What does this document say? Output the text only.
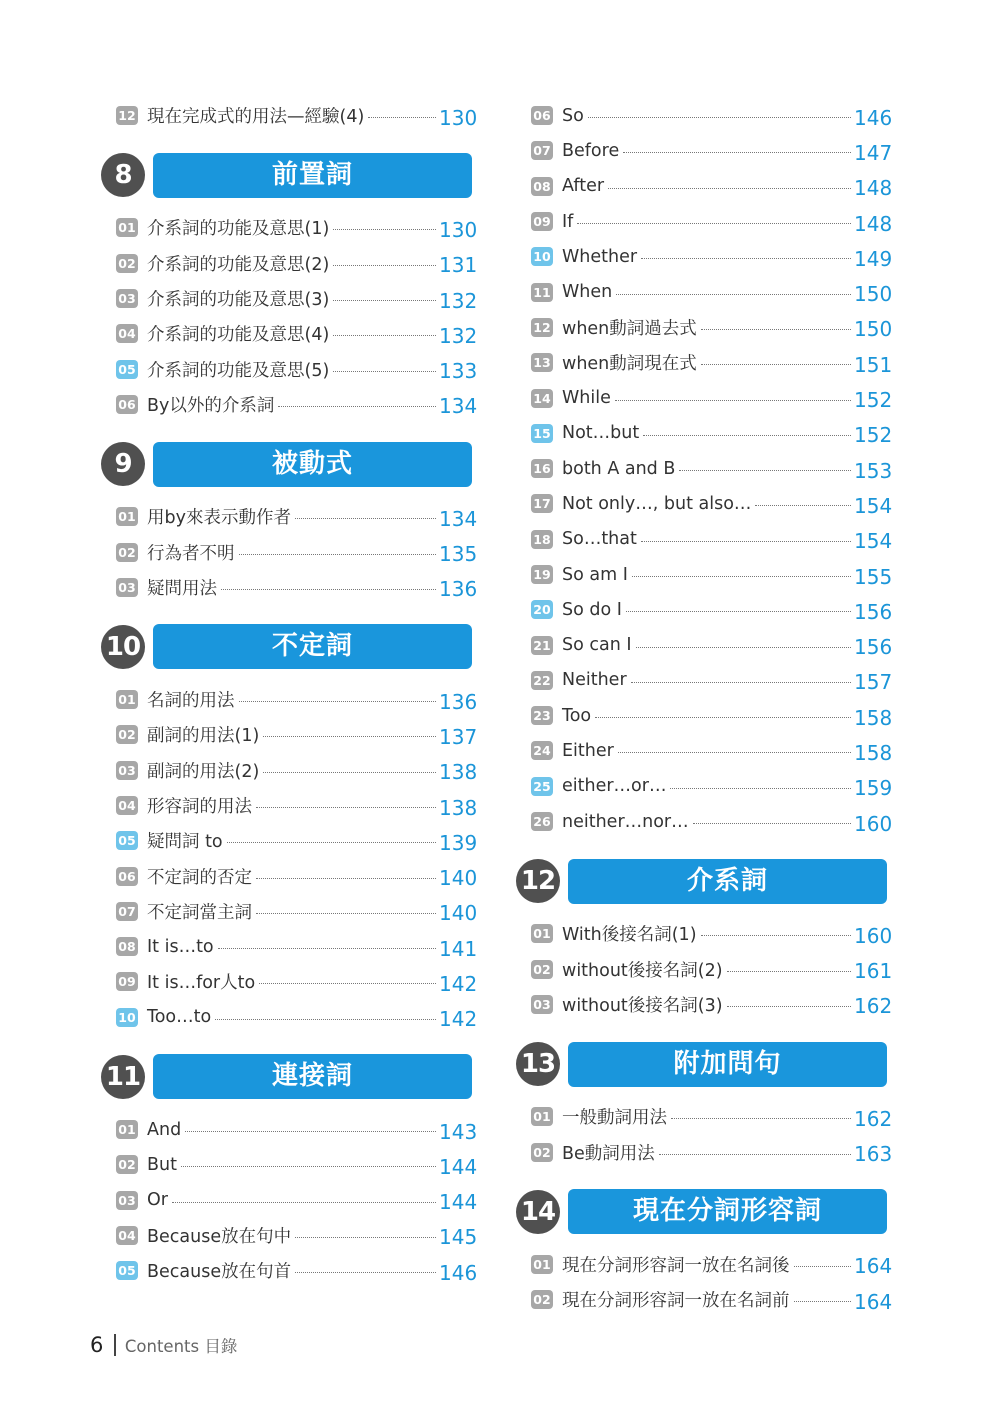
12 現在完成式的用法—經驗(4)	130
8	前置詞
01 介系詞的功能及意思(1)	130
02 介系詞的功能及意思(2)	131
03 介系詞的功能及意思(3)	132
04 介系詞的功能及意思(4)	132
05 介系詞的功能及意思(5)	133
06 By以外的介系詞	134
9	被動式
01 用by來表示動作者	134
02 行為者不明	135
03 疑問用法	136
10	不定詞
01 名詞的用法	136
02 副詞的用法(1)	137
03 副詞的用法(2)	138
04 形容詞的用法	138
05 疑問詞 to	139
06 不定詞的否定	140
07 不定詞當主詞	140
08 It is…to	141
09 It is…for人to	142
10 Too…to	142
11	連接詞
01 And	143
02 But	144
03 Or	144
04 Because放在句中	145
05 Because放在句首	146
06 So	146
07 Before	147
08 After	148
09 If	148
10 Whether	149
11 When	150
12 when動詞過去式	150
13 when動詞現在式	151
14 While	152
15 Not…but	152
16 both A and B	153
17 Not only…, but also…	154
18 So…that	154
19 So am I	155
20 So do I	156
21 So can I	156
22 Neither	157
23 Too	158
24 Either	158
25 either…or…	159
26 neither…nor…	160
12	介系詞
01 With後接名詞(1)	160
02 without後接名詞(2)	161
03 without後接名詞(3)	162
13	附加問句
01 一般動詞用法	162
02 Be動詞用法	163
14	現在分詞形容詞
01 現在分詞形容詞一放在名詞後	164
02 現在分詞形容詞一放在名詞前	164
6 Contents 目錄
